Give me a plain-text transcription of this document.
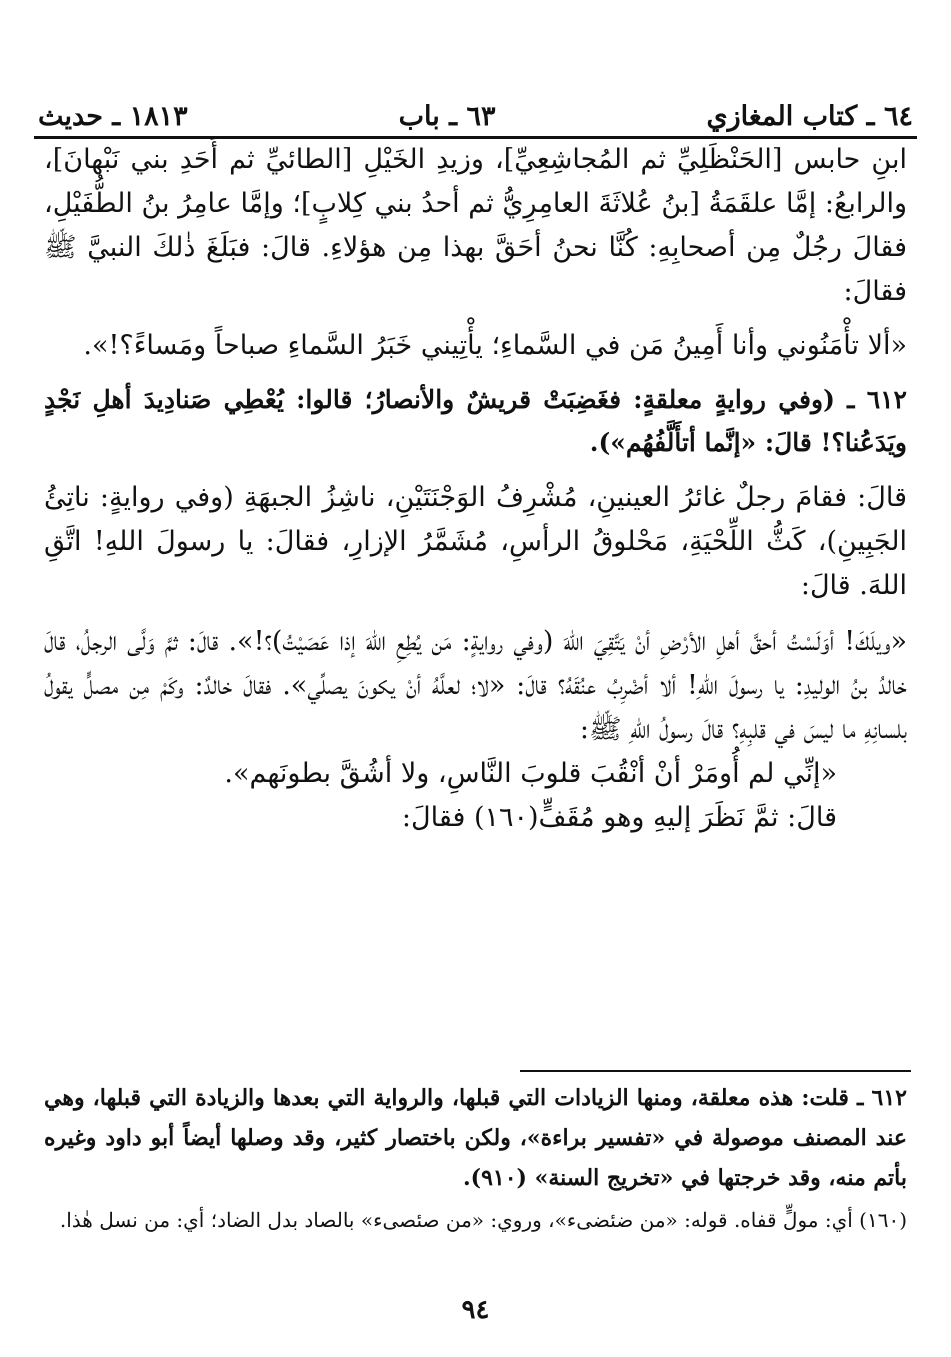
٦٤ ـ كتاب المغازي
٦٣ ـ باب
١٨١٣ ـ حديث

ابنِ حابس [الحَنْظَلِيِّ ثم المُجاشِعِيِّ]، وزيدِ الخَيْلِ [الطائيِّ ثم أَحَدِ بني نَبْهانَ]، والرابعُ: إمَّا علقَمَةُ [بنُ عُلاثَةَ العامِرِيُّ ثم أحدُ بني كِلابٍ]؛ وإمَّا عامِرُ بنُ الطُّفَيْلِ، فقالَ رجُلٌ مِن أصحابِهِ: كُنَّا نحنُ أحَقَّ بهذا مِن هؤلاءِ. قالَ: فبَلَغَ ذٰلكَ النبيَّ ﷺ فقالَ:

«ألا تأْمَنُوني وأنا أَمِينُ مَن في السَّماءِ؛ يأْتِيني خَبَرُ السَّماءِ صباحاً ومَساءً؟!».

٦١٢ ـ (وفي روايةٍ معلقةٍ: فغَضِبَتْ قريشٌ والأنصارُ؛ قالوا: يُعْطِي صَنادِيدَ أهلِ نَجْدٍ ويَدَعُنا؟! قالَ: «إنَّما أتأَلَّفُهُم»).

قالَ: فقامَ رجلٌ غائرُ العينينِ، مُشْرِفُ الوَجْنَتَيْنِ، ناشِزُ الجبهَةِ (وفي روايةٍ: ناتِئُ الجَبِينِ)، كَثُّ اللِّحْيَةِ، مَحْلوقُ الرأسِ، مُشَمَّرُ الإزارِ، فقالَ: يا رسولَ اللهِ! اتَّقِ اللهَ. قالَ:

«ويلَكَ! أوَلَسْتُ أحقَّ أهلِ الأرْضِ أنْ يَتَّقِيَ اللهَ (وفي روايةٍ: مَن يُطِعِ اللهَ إذا عَصَيْتُ)؟!». قالَ: ثمَّ وَلَّى الرجلُ، قالَ خالدُ بنُ الوليدِ: يا رسولَ اللهِ! ألا أضْرِبُ عنُقَهُ؟ قالَ: «لا؛ لعلَّهُ أنْ يكونَ يصلِّي». فقالَ خالدٌ: وكَمْ مِن مصلٍّ يقولُ بلسانِهِ ما ليسَ في قلبِهِ؟ قالَ رسولُ اللهِ ﷺ:

«إنِّي لم أُومَرْ أنْ أنْقُبَ قلوبَ النَّاسِ، ولا أشُقَّ بطونَهم».

قالَ: ثمَّ نَظَرَ إليهِ وهو مُقَفٍّ(١٦٠) فقالَ:

٦١٢ ـ قلت: هذه معلقة، ومنها الزيادات التي قبلها، والرواية التي بعدها والزيادة التي قبلها، وهي عند المصنف موصولة في «تفسير براءة»، ولكن باختصار كثير، وقد وصلها أيضاً أبو داود وغيره بأتم منه، وقد خرجتها في «تخريج السنة» (٩١٠).

(١٦٠) أي: مولٍّ قفاه. قوله: «من ضئضىء»، وروي: «من صئصىء» بالصاد بدل الضاد؛ أي: من نسل هٰذا.

٩٤
